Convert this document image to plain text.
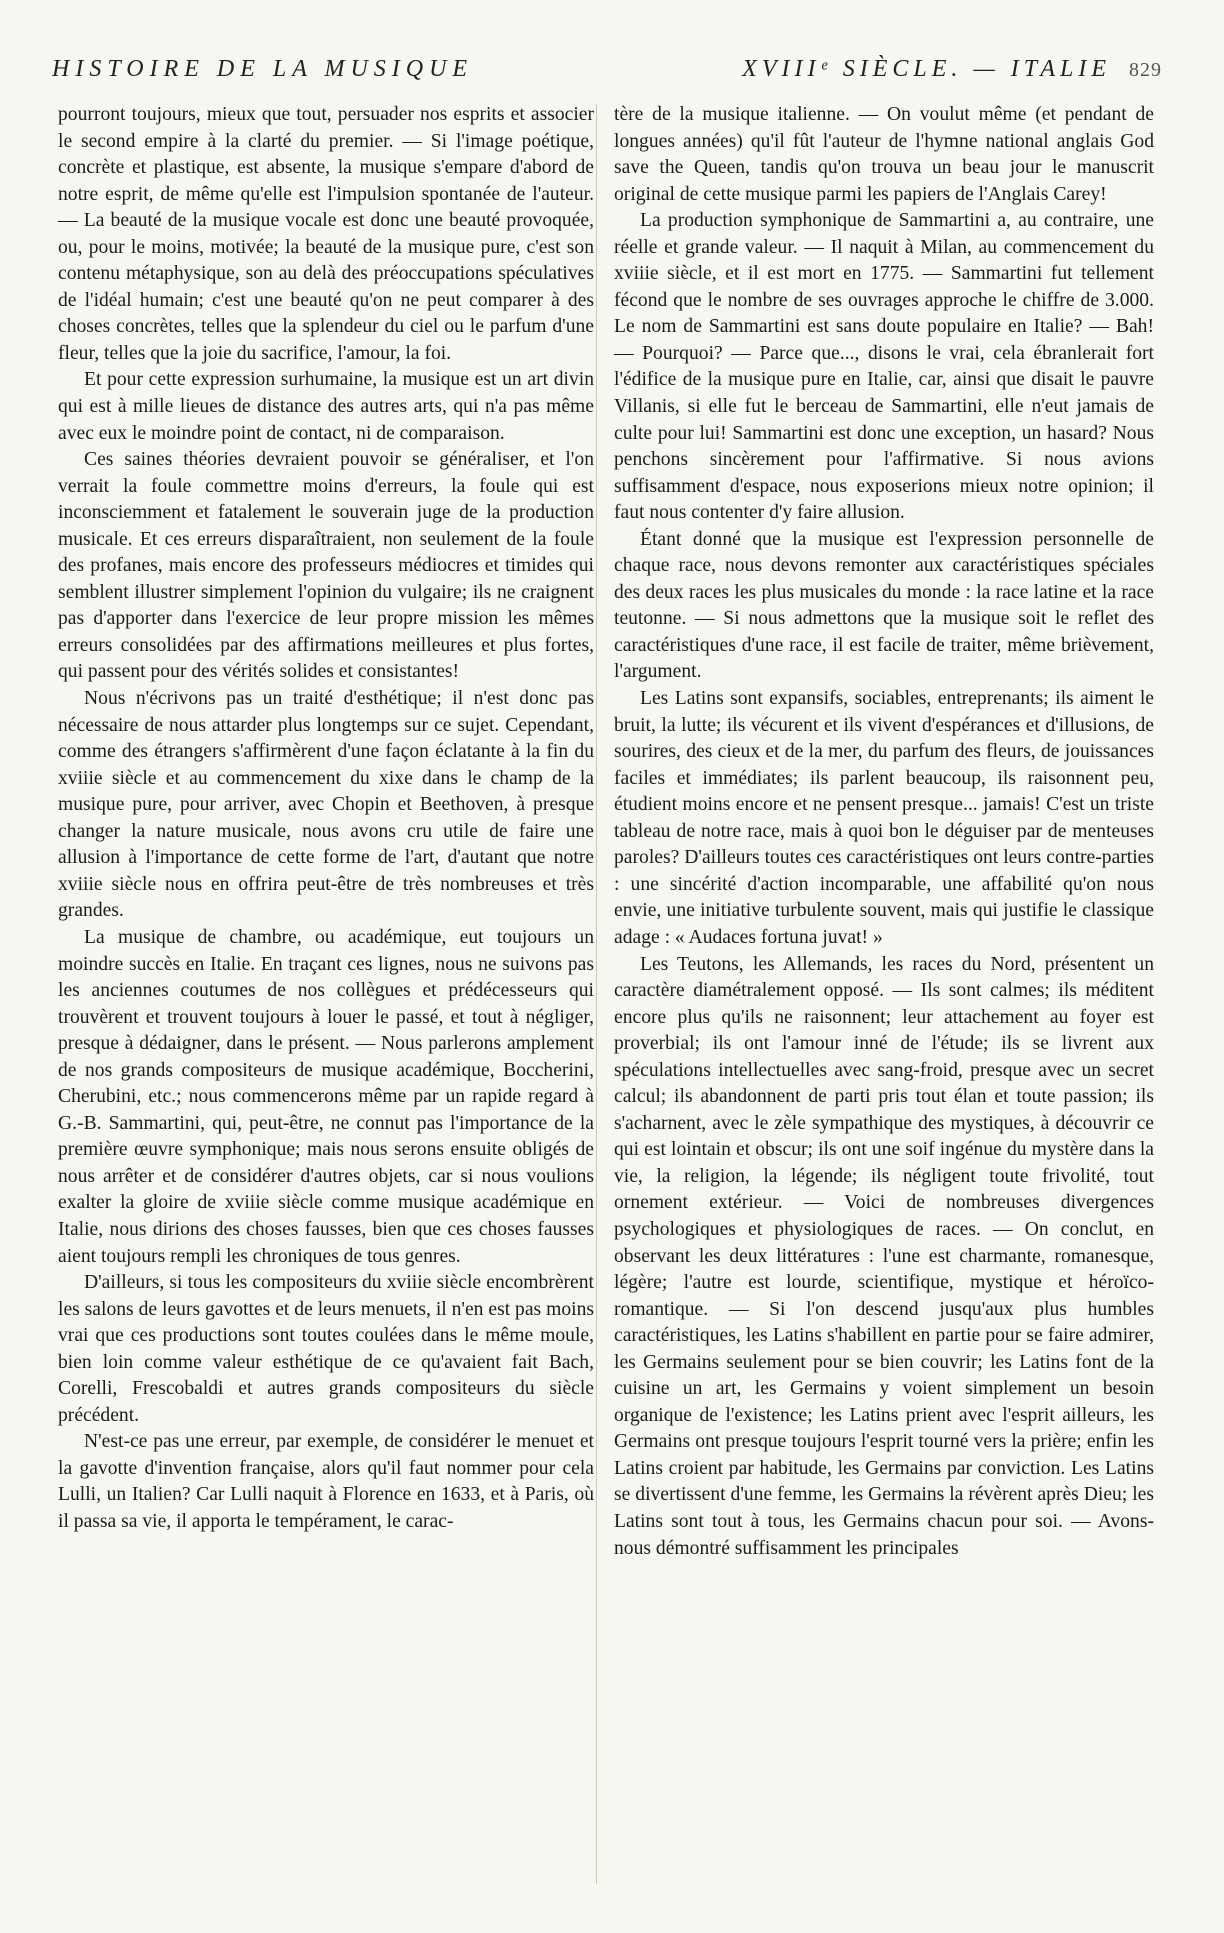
HISTOIRE DE LA MUSIQUE	XVIIIᵉ SIÈCLE. — ITALIE 829

pourront toujours, mieux que tout, persuader nos esprits et associer le second empire à la clarté du premier. — Si l'image poétique, concrète et plastique, est absente, la musique s'empare d'abord de notre esprit, de même qu'elle est l'impulsion spontanée de l'auteur. — La beauté de la musique vocale est donc une beauté provoquée, ou, pour le moins, motivée; la beauté de la musique pure, c'est son contenu métaphysique, son au delà des préoccupations spéculatives de l'idéal humain; c'est une beauté qu'on ne peut comparer à des choses concrètes, telles que la splendeur du ciel ou le parfum d'une fleur, telles que la joie du sacrifice, l'amour, la foi.

Et pour cette expression surhumaine, la musique est un art divin qui est à mille lieues de distance des autres arts, qui n'a pas même avec eux le moindre point de contact, ni de comparaison.

Ces saines théories devraient pouvoir se généraliser, et l'on verrait la foule commettre moins d'erreurs, la foule qui est inconsciemment et fatalement le souverain juge de la production musicale. Et ces erreurs disparaîtraient, non seulement de la foule des profanes, mais encore des professeurs médiocres et timides qui semblent illustrer simplement l'opinion du vulgaire; ils ne craignent pas d'apporter dans l'exercice de leur propre mission les mêmes erreurs consolidées par des affirmations meilleures et plus fortes, qui passent pour des vérités solides et consistantes!

Nous n'écrivons pas un traité d'esthétique; il n'est donc pas nécessaire de nous attarder plus longtemps sur ce sujet. Cependant, comme des étrangers s'affirmèrent d'une façon éclatante à la fin du xviiie siècle et au commencement du xixe dans le champ de la musique pure, pour arriver, avec Chopin et Beethoven, à presque changer la nature musicale, nous avons cru utile de faire une allusion à l'importance de cette forme de l'art, d'autant que notre xviiie siècle nous en offrira peut-être de très nombreuses et très grandes.

La musique de chambre, ou académique, eut toujours un moindre succès en Italie. En traçant ces lignes, nous ne suivons pas les anciennes coutumes de nos collègues et prédécesseurs qui trouvèrent et trouvent toujours à louer le passé, et tout à négliger, presque à dédaigner, dans le présent. — Nous parlerons amplement de nos grands compositeurs de musique académique, Boccherini, Cherubini, etc.; nous commencerons même par un rapide regard à G.-B. Sammartini, qui, peut-être, ne connut pas l'importance de la première œuvre symphonique; mais nous serons ensuite obligés de nous arrêter et de considérer d'autres objets, car si nous voulions exalter la gloire de xviiie siècle comme musique académique en Italie, nous dirions des choses fausses, bien que ces choses fausses aient toujours rempli les chroniques de tous genres.

D'ailleurs, si tous les compositeurs du xviiie siècle encombrèrent les salons de leurs gavottes et de leurs menuets, il n'en est pas moins vrai que ces productions sont toutes coulées dans le même moule, bien loin comme valeur esthétique de ce qu'avaient fait Bach, Corelli, Frescobaldi et autres grands compositeurs du siècle précédent.

N'est-ce pas une erreur, par exemple, de considérer le menuet et la gavotte d'invention française, alors qu'il faut nommer pour cela Lulli, un Italien? Car Lulli naquit à Florence en 1633, et à Paris, où il passa sa vie, il apporta le tempérament, le carac-

tère de la musique italienne. — On voulut même (et pendant de longues années) qu'il fût l'auteur de l'hymne national anglais God save the Queen, tandis qu'on trouva un beau jour le manuscrit original de cette musique parmi les papiers de l'Anglais Carey!

La production symphonique de Sammartini a, au contraire, une réelle et grande valeur. — Il naquit à Milan, au commencement du xviiie siècle, et il est mort en 1775. — Sammartini fut tellement fécond que le nombre de ses ouvrages approche le chiffre de 3.000. Le nom de Sammartini est sans doute populaire en Italie? — Bah! — Pourquoi? — Parce que..., disons le vrai, cela ébranlerait fort l'édifice de la musique pure en Italie, car, ainsi que disait le pauvre Villanis, si elle fut le berceau de Sammartini, elle n'eut jamais de culte pour lui! Sammartini est donc une exception, un hasard? Nous penchons sincèrement pour l'affirmative. Si nous avions suffisamment d'espace, nous exposerions mieux notre opinion; il faut nous contenter d'y faire allusion.

Étant donné que la musique est l'expression personnelle de chaque race, nous devons remonter aux caractéristiques spéciales des deux races les plus musicales du monde : la race latine et la race teutonne. — Si nous admettons que la musique soit le reflet des caractéristiques d'une race, il est facile de traiter, même brièvement, l'argument.

Les Latins sont expansifs, sociables, entreprenants; ils aiment le bruit, la lutte; ils vécurent et ils vivent d'espérances et d'illusions, de sourires, des cieux et de la mer, du parfum des fleurs, de jouissances faciles et immédiates; ils parlent beaucoup, ils raisonnent peu, étudient moins encore et ne pensent presque... jamais! C'est un triste tableau de notre race, mais à quoi bon le déguiser par de menteuses paroles? D'ailleurs toutes ces caractéristiques ont leurs contre-parties : une sincérité d'action incomparable, une affabilité qu'on nous envie, une initiative turbulente souvent, mais qui justifie le classique adage : « Audaces fortuna juvat! »

Les Teutons, les Allemands, les races du Nord, présentent un caractère diamétralement opposé. — Ils sont calmes; ils méditent encore plus qu'ils ne raisonnent; leur attachement au foyer est proverbial; ils ont l'amour inné de l'étude; ils se livrent aux spéculations intellectuelles avec sang-froid, presque avec un secret calcul; ils abandonnent de parti pris tout élan et toute passion; ils s'acharnent, avec le zèle sympathique des mystiques, à découvrir ce qui est lointain et obscur; ils ont une soif ingénue du mystère dans la vie, la religion, la légende; ils négligent toute frivolité, tout ornement extérieur. — Voici de nombreuses divergences psychologiques et physiologiques de races. — On conclut, en observant les deux littératures : l'une est charmante, romanesque, légère; l'autre est lourde, scientifique, mystique et héroïco-romantique. — Si l'on descend jusqu'aux plus humbles caractéristiques, les Latins s'habillent en partie pour se faire admirer, les Germains seulement pour se bien couvrir; les Latins font de la cuisine un art, les Germains y voient simplement un besoin organique de l'existence; les Latins prient avec l'esprit ailleurs, les Germains ont presque toujours l'esprit tourné vers la prière; enfin les Latins croient par habitude, les Germains par conviction. Les Latins se divertissent d'une femme, les Germains la révèrent après Dieu; les Latins sont tout à tous, les Germains chacun pour soi. — Avons-nous démontré suffisamment les principales
